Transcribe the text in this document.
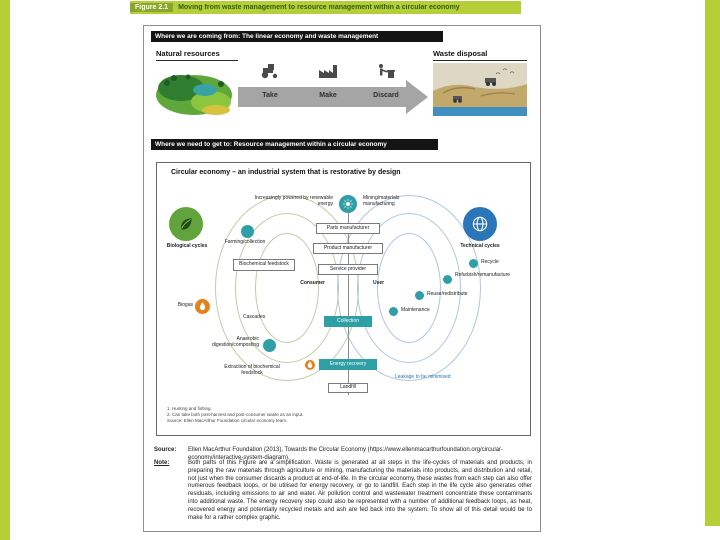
Figure 2.1	Moving from waste management to resource management within a circular economy
Where we are coming from: The linear economy and waste management
Natural resources	Waste disposal
Take	Make	Discard
Where we need to get to: Resource management within a circular economy
Circular economy – an industrial system that is restorative by design
Increasingly powered by renewable energy
Mining/materials manufacturing
Parts manufacturer
Product manufacturer
Service provider
Consumer	User
Collection
Energy recovery
Landfill
Leakage to be minimised
Biological cycles
Farming/collection
Biochemical feedstock
Biogas
Cascades
Anaerobic digestion/composting
Extraction of biochemical feedstock
Technical cycles
Recycle
Refurbish/remanufacture
Reuse/redistribute
Maintenance
1. Hunting and fishing.
2. Can take both post-harvest and post-consumer waste as an input.
Source: Ellen MacArthur Foundation circular economy team.
Source: Ellen MacArthur Foundation (2013), Towards the Circular Economy (https://www.ellenmacarthurfoundation.org/circular-economy/interactive-system-diagram).
Note:	Both parts of this Figure are a simplification. Waste is generated at all steps in the life-cycles of materials and products, in preparing the raw materials through agriculture or mining, manufacturing the materials into products, and distribution and retail, not just when the consumer discards a product at end-of-life. In the circular economy, these wastes from each step can also offer numerous feedback loops, or be utilised for energy recovery, or go to landfill. Each step in the life cycle also generates other residuals, including emissions to air and water. Air pollution control and wastewater treatment concentrate these contaminants into additional waste. The energy recovery step could also be represented with a number of additional feedback loops, as heat, recovered energy and potentially recycled metals and ash are fed back into the system. To show all of this detail would be to make for a rather complex graphic.
